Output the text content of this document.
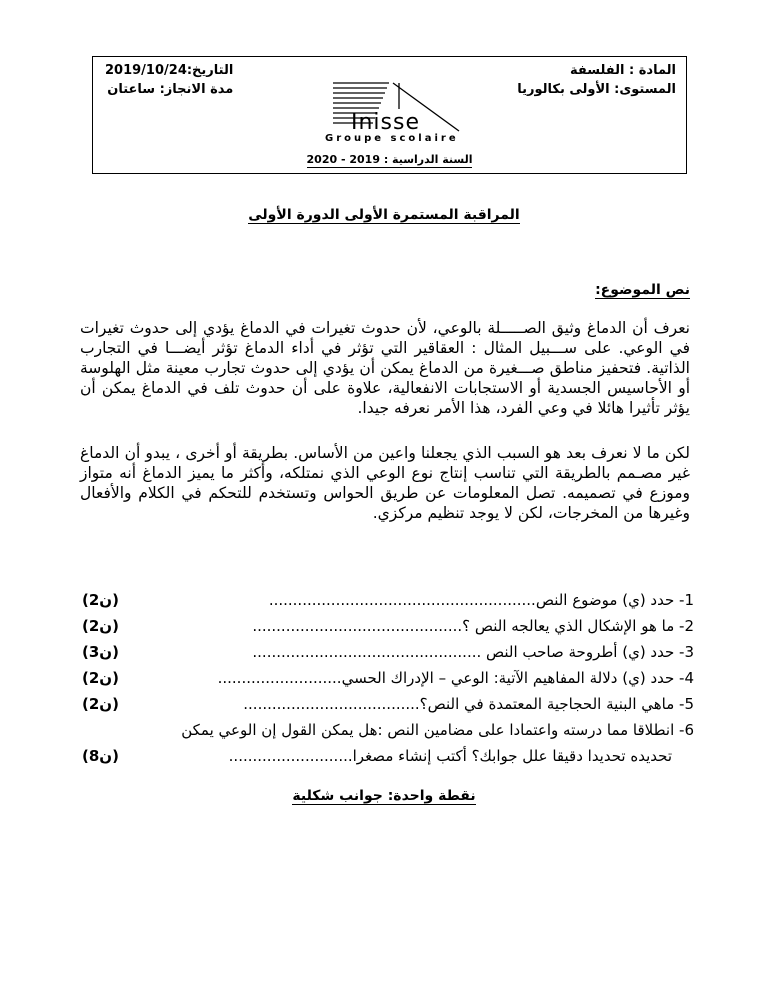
المادة : الفلسفة
المستوى: الأولى بكالوريا
التاريخ:2019/10/24
مدة الانجاز: ساعتان
Inisse
Groupe scolaire
السنة الدراسية : 2019 - 2020
المراقبة المستمرة الأولى الدورة الأولى
نص الموضوع:
نعرف أن الدماغ وثيق الصـــــلة بالوعي، لأن حدوث تغيرات في الدماغ يؤدي إلى حدوث تغيرات في الوعي. على ســـبيل المثال : العقاقير التي تؤثر في أداء الدماغ تؤثر أيضـــا في التجارب الذاتية. فتحفيز مناطق صـــغيرة من الدماغ يمكن أن يؤدي إلى حدوث تجارب معينة مثل الهلوسة أو الأحاسيس الجسدية أو الاستجابات الانفعالية، علاوة على أن حدوث تلف في الدماغ يمكن أن يؤثر تأثيرا هائلا في وعي الفرد، هذا الأمر نعرفه جيدا.
لكن ما لا نعرف بعد هو السبب الذي يجعلنا واعين من الأساس. بطريقة أو أخرى ، يبدو أن الدماغ غير مصـمم بالطريقة التي تناسب إنتاج نوع الوعي الذي نمتلكه، وأكثر ما يميز الدماغ أنه متواز وموزع في تصميمه. تصل المعلومات عن طريق الحواس وتستخدم للتحكم في الكلام والأفعال وغيرها من المخرجات، لكن لا يوجد تنظيم مركزي.
1- حدد (ي) موضوع النص........................................................
(2ن)
2- ما هو الإشكال الذي يعالجه النص ؟............................................
(2ن)
3- حدد (ي) أطروحة صاحب النص ................................................
(3ن)
4- حدد (ي) دلالة المفاهيم الآتية: الوعي – الإدراك الحسي..........................
(2ن)
5- ماهي البنية الحجاجية المعتمدة في النص؟.....................................
(2ن)
6- انطلاقا مما درسته واعتمادا على مضامين النص :هل يمكن القول إن الوعي يمكن
تحديده تحديدا دقيقا علل جوابك؟ أكتب إنشاء مصغرا..........................
(8ن)
نقطة واحدة: جوانب شكلية
